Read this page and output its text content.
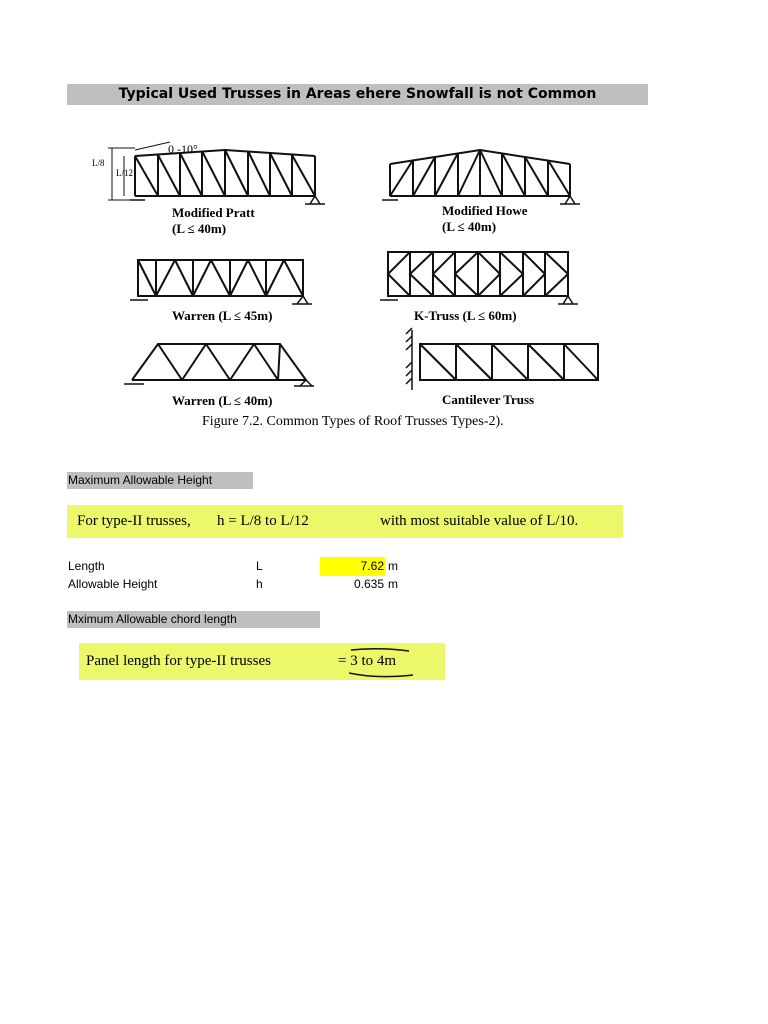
Typical Used Trusses in Areas ehere Snowfall is not Common
0 -10°
L/8
L/12
Modified Pratt
(L ≤ 40m)
Modified Howe
(L ≤ 40m)
Warren (L ≤ 45m)	K-Truss (L ≤ 60m)
Warren (L ≤ 40m)	Cantilever Truss
Figure 7.2. Common Types of Roof Trusses Types-2).
Maximum Allowable Height
For type-II trusses, h = L/8 to L/12	with most suitable value of L/10.
Length	L	7.62 m
Allowable Height	h	0.635 m
Mximum Allowable chord length
Panel length for type-II trusses	= 3 to 4m
